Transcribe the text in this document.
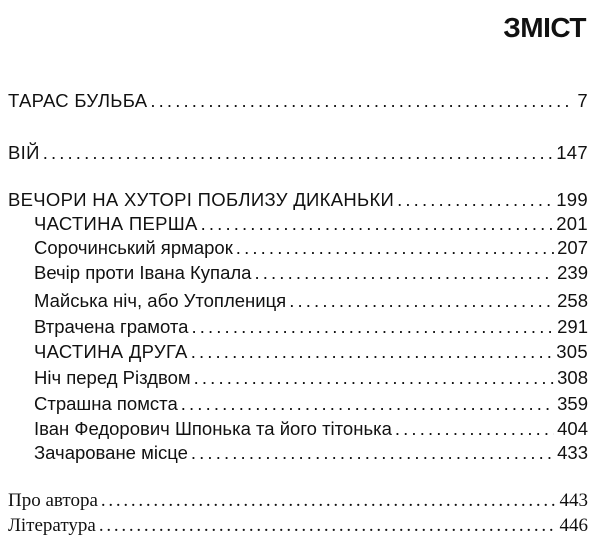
ЗМІСТ
ТАРАС БУЛЬБА . . .	7
ВІЙ . . .	147
ВЕЧОРИ НА ХУТОРІ ПОБЛИЗУ ДИКАНЬКИ . . .	199
ЧАСТИНА ПЕРША . . .	201
Сорочинський ярмарок . . .	207
Вечір проти Івана Купала . . .	239
Майська ніч, або Утоплениця . . .	258
Втрачена грамота . . .	291
ЧАСТИНА ДРУГА . . .	305
Ніч перед Різдвом . . .	308
Страшна помста . . .	359
Іван Федорович Шпонька та його тітонька . . .	404
Зачароване місце . . .	433
Про автора . . .	443
Література . . .	446
